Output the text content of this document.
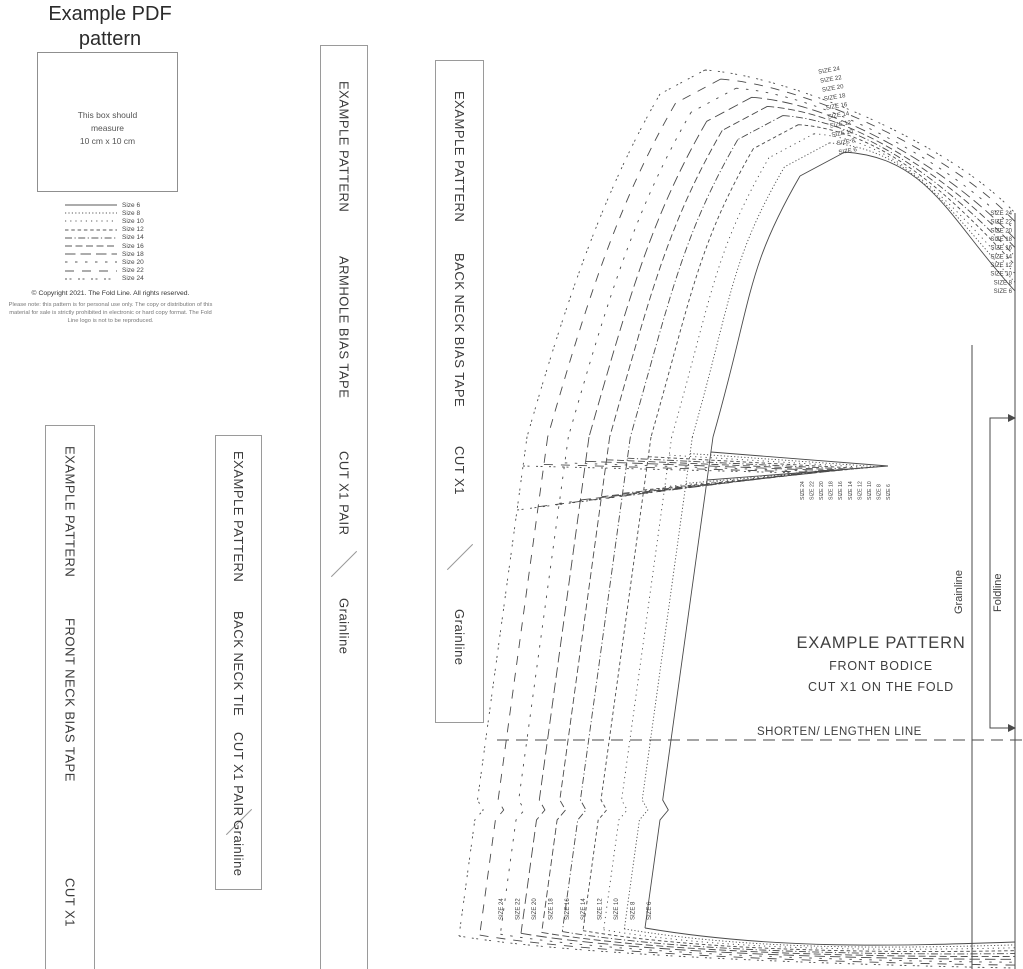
SIZE 6
SIZE 6
SIZE 6
SIZE 6
SIZE 8
SIZE 8
SIZE 8
SIZE 8
SIZE 10
SIZE 10
SIZE 10
SIZE 10
SIZE 12
SIZE 12
SIZE 12
SIZE 12
SIZE 14
SIZE 14
SIZE 14
SIZE 14
SIZE 16
SIZE 16
SIZE 16
SIZE 16
SIZE 18
SIZE 18
SIZE 18
SIZE 18
SIZE 20
SIZE 20
SIZE 20
SIZE 20
SIZE 22
SIZE 22
SIZE 22
SIZE 22
SIZE 24
SIZE 24
SIZE 24
SIZE 24
SHORTEN/ LENGTHEN LINE
EXAMPLE PATTERN
FRONT BODICE
CUT X1 ON THE FOLD
Grainline Foldline
Example PDF
pattern
This box should
measure
10 cm x 10 cm
Size 6
Size 8
Size 10
Size 12
Size 14
Size 16
Size 18
Size 20
Size 22
Size 24
© Copyright 2021. The Fold Line. All rights reserved.

Please note: this pattern is for personal use only. The copy or distribution of this material for sale is strictly prohibited in electronic or hard copy format. The Fold Line logo is not to be reproduced.

EXAMPLE PATTERN
ARMHOLE BIAS TAPE
CUT X1 PAIR
Grainline
EXAMPLE PATTERN
BACK NECK BIAS TAPE
CUT X1
Grainline
EXAMPLE PATTERN
FRONT NECK BIAS TAPE
CUT X1
EXAMPLE PATTERN
BACK NECK TIE
CUT X1 PAIR
Grainline
